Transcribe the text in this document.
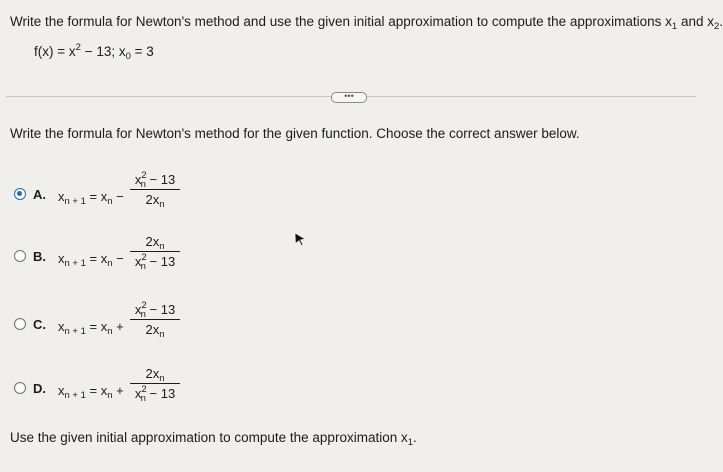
Write the formula for Newton's method and use the given initial approximation to compute the approximations $x_1$ and $x_2$.
$f(x) = x^2 - 13$; $x_0 = 3$
•••
Write the formula for Newton's method for the given function. Choose the correct answer below.
A. $x_{n + 1} = x_n$ −
$x^2_n - 13$
$2x_n$
B. $x_{n + 1} = x_n$ −
$2x_n$
$x^2_n - 13$
C. $x_{n + 1} = x_n$ +
$x^2_n - 13$
$2x_n$
D. $x_{n + 1} = x_n$ +
$2x_n$
$x^2_n - 13$
Use the given initial approximation to compute the approximation $x_1$.
